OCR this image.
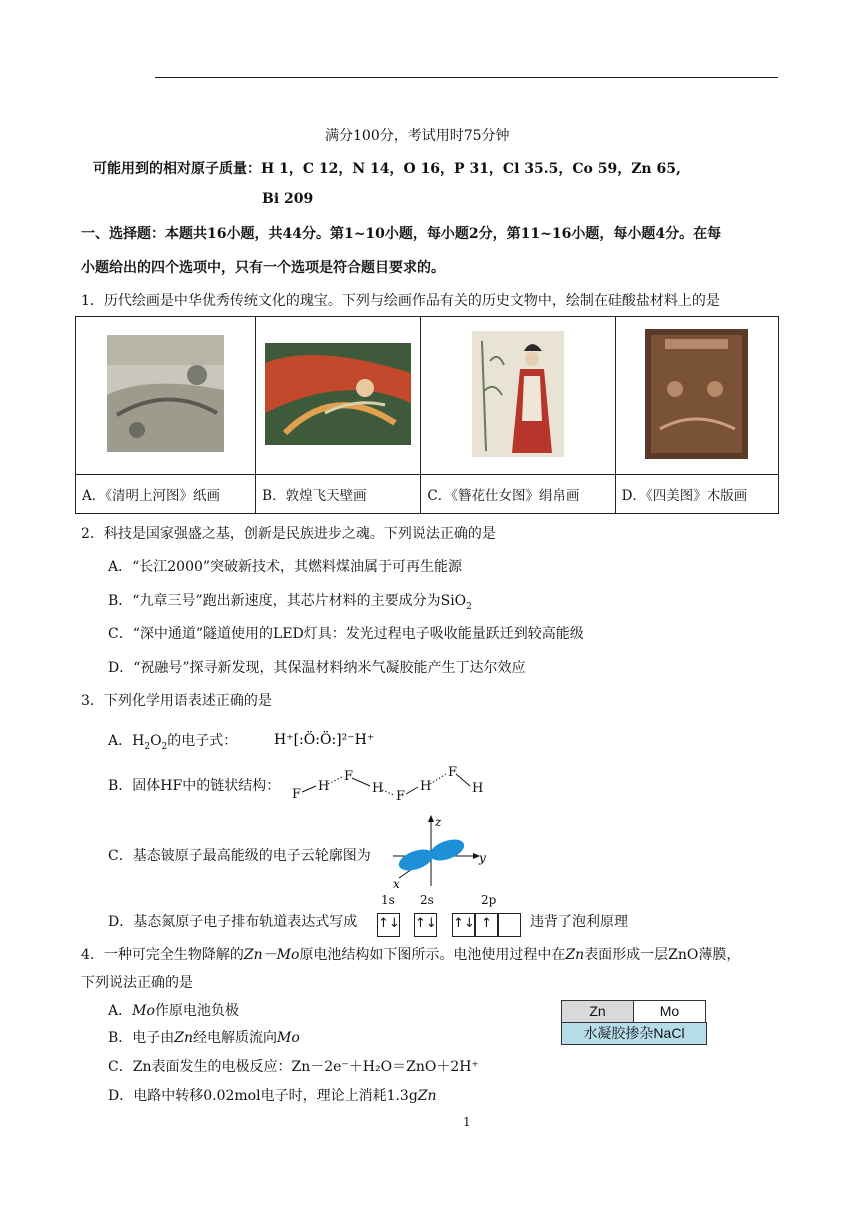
满分100分，考试用时75分钟
可能用到的相对原子质量：H 1，C 12，N 14，O 16，P 31，Cl 35.5，Co 59，Zn 65,
Bi 209
一、选择题：本题共16小题，共44分。第1~10小题，每小题2分，第11~16小题，每小题4分。在每
小题给出的四个选项中，只有一个选项是符合题目要求的。
1．历代绘画是中华优秀传统文化的瑰宝。下列与绘画作品有关的历史文物中，绘制在硅酸盐材料上的是

A．《清明上河图》纸画	B．敦煌飞天壁画	C．《簪花仕女图》绢帛画	D．《四美图》木版画
2．科技是国家强盛之基，创新是民族进步之魂。下列说法正确的是
A．“长江2000”突破新技术，其燃料煤油属于可再生能源
B．“九章三号”跑出新速度，其芯片材料的主要成分为SiO$_2$
C．“深中通道”隧道使用的LED灯具：发光过程电子吸收能量跃迁到较高能级
D．“祝融号”探寻新发现，其保温材料纳米气凝胶能产生丁达尔效应
3．下列化学用语表述正确的是
A．$H_2O_2$的电子式：	H⁺[:Ö:Ö:]²⁻H⁺
B．固体HF中的链状结构：
F
H
F
H
F
H
F
H
C．基态铍原子最高能级的电子云轮廓图为
z
y
x
D．基态氮原子电子排布轨道表达式写成
1s 2s	2p
↑↓ ↑↓ ↑↓ ↑	违背了泡利原理
4．一种可完全生物降解的Zn－Mo原电池结构如下图所示。电池使用过程中在Zn表面形成一层ZnO薄膜，
下列说法正确的是
A．Mo作原电池负极
B．电子由Zn经电解质流向Mo
C．Zn表面发生的电极反应：Zn－2e⁻＋H₂O＝ZnO＋2H⁺
D．电路中转移0.02mol电子时，理论上消耗1.3gZn
Zn	Mo
水凝胶掺杂NaCl
1
